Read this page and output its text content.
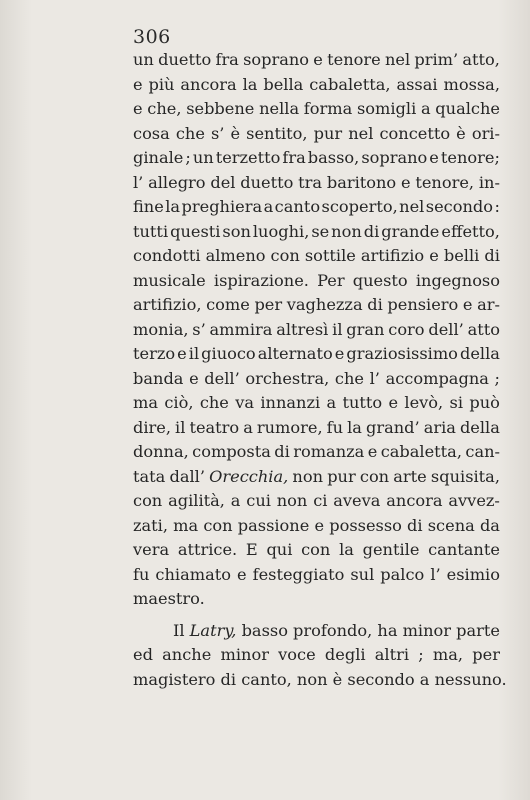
306
un duetto fra soprano e tenore nel prim’ atto,
e più ancora la bella cabaletta, assai mossa,
e che, sebbene nella forma somigli a qualche
cosa che s’ è sentito, pur nel concetto è ori-
ginale ; un terzetto fra basso, soprano e tenore;
l’ allegro del duetto tra baritono e tenore, in-
fine la preghiera a canto scoperto, nel secondo :
tutti questi son luoghi, se non di grande effetto,
condotti almeno con sottile artifizio e belli di
musicale ispirazione. Per questo ingegnoso
artifizio, come per vaghezza di pensiero e ar-
monia, s’ ammira altresì il gran coro dell’ atto
terzo e il giuoco alternato e graziosissimo della
banda e dell’ orchestra, che l’ accompagna ;
ma ciò, che va innanzi a tutto e levò, si può
dire, il teatro a rumore, fu la grand’ aria della
donna, composta di romanza e cabaletta, can-
tata dall’ Orecchia, non pur con arte squisita,
con agilità, a cui non ci aveva ancora avvez-
zati, ma con passione e possesso di scena da
vera attrice. E qui con la gentile cantante
fu chiamato e festeggiato sul palco l’ esimio
maestro.
Il Latry, basso profondo, ha minor parte
ed anche minor voce degli altri ; ma, per
magistero di canto, non è secondo a nessuno.
